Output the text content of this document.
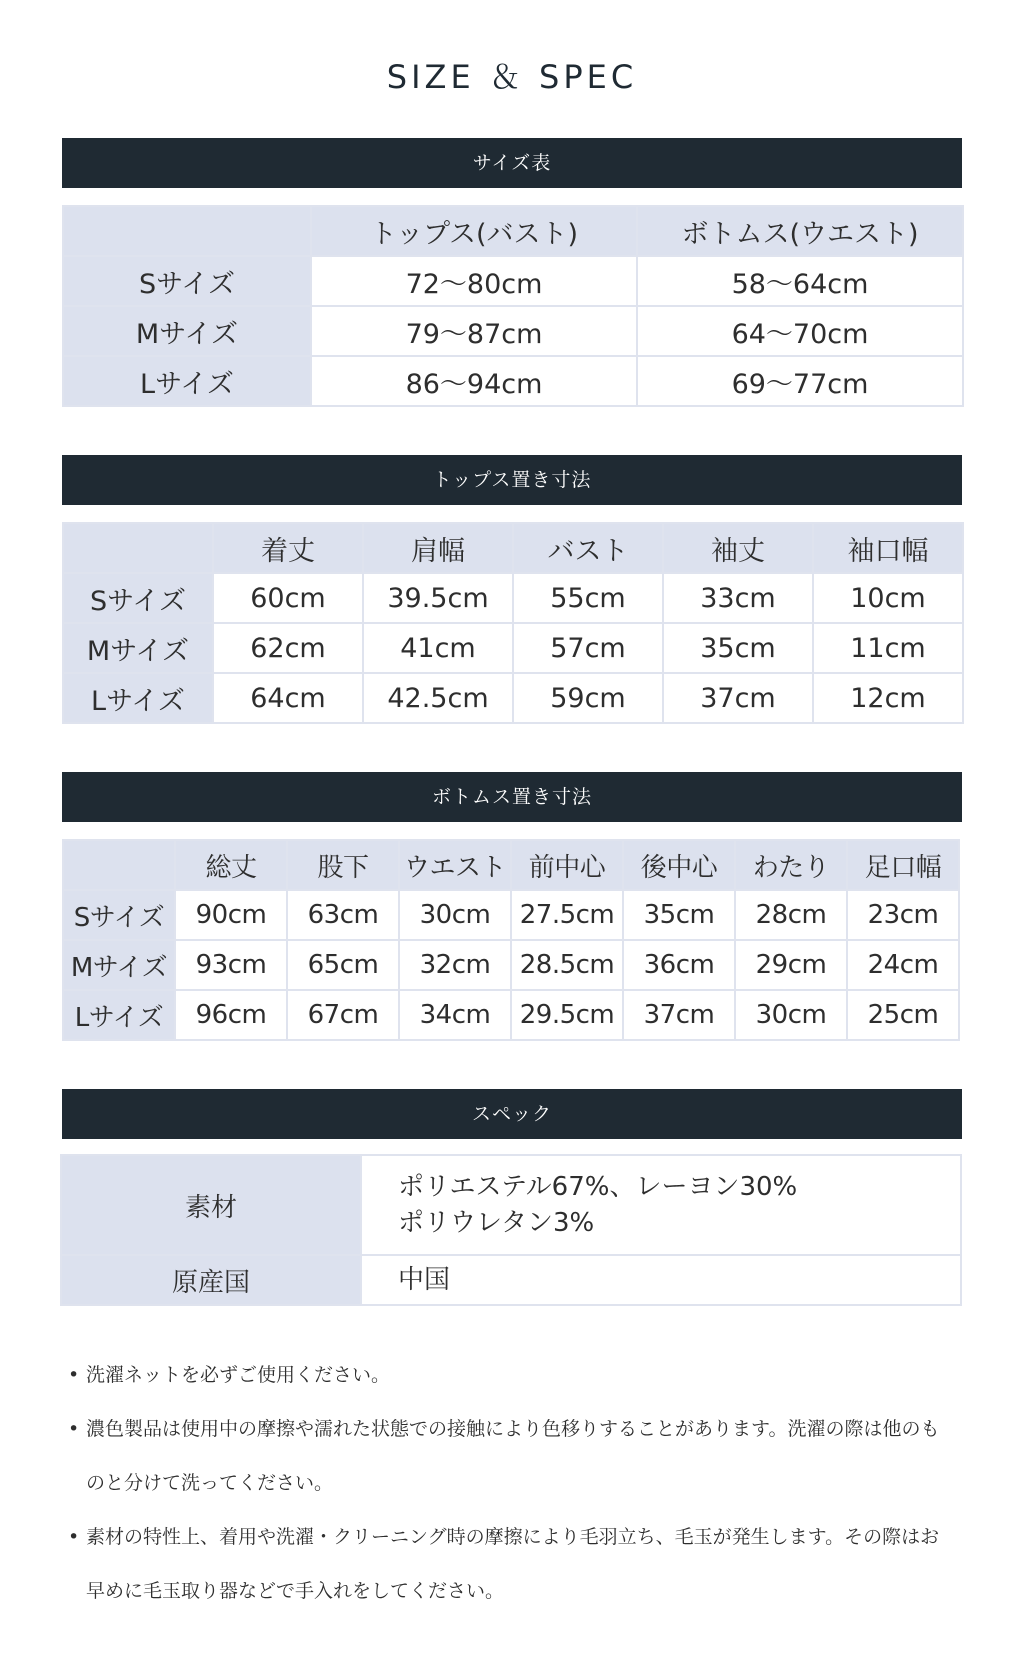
SIZE ＆ SPEC
サイズ表
	トップス(バスト)	ボトムス(ウエスト)
Sサイズ	72〜80cm	58〜64cm
Mサイズ	79〜87cm	64〜70cm
Lサイズ	86〜94cm	69〜77cm
トップス置き寸法
	着丈	肩幅	バスト	袖丈	袖口幅
Sサイズ	60cm	39.5cm	55cm	33cm	10cm
Mサイズ	62cm	41cm	57cm	35cm	11cm
Lサイズ	64cm	42.5cm	59cm	37cm	12cm
ボトムス置き寸法
	総丈	股下	ウエスト	前中心	後中心	わたり	足口幅
Sサイズ	90cm	63cm	30cm	27.5cm	35cm	28cm	23cm
Mサイズ	93cm	65cm	32cm	28.5cm	36cm	29cm	24cm
Lサイズ	96cm	67cm	34cm	29.5cm	37cm	30cm	25cm
スペック
素材	ポリエステル67%、レーヨン30%
ポリウレタン3%

原産国	中国
• 洗濯ネットを必ずご使用ください。
• 濃色製品は使用中の摩擦や濡れた状態での接触により色移りすることがあります。洗濯の際は他のものと分けて洗ってください。
• 素材の特性上、着用や洗濯・クリーニング時の摩擦により毛羽立ち、毛玉が発生します。その際はお早めに毛玉取り器などで手入れをしてください。
